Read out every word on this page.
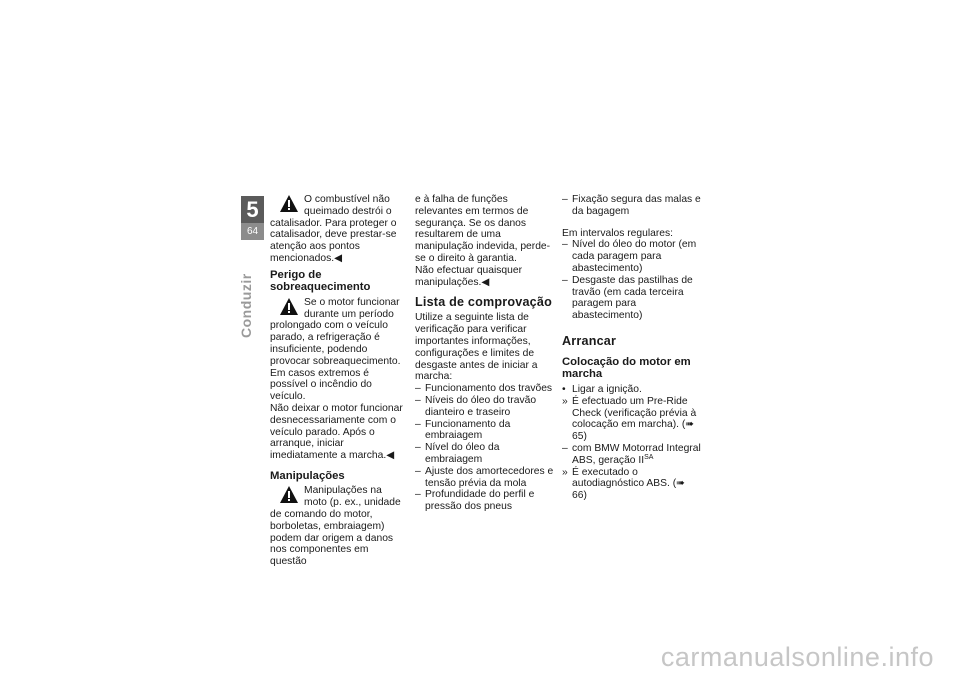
5
64
Conduzir

O combustível não queimado destrói o catalisador. Para proteger o catalisador, deve prestar-se atenção aos pontos mencionados.◀

Perigo de sobreaquecimento

Se o motor funcionar durante um período prolongado com o veículo parado, a refrigeração é insuficiente, podendo provocar sobreaquecimento. Em casos extremos é possível o incêndio do veículo.

Não deixar o motor funcionar desnecessariamente com o veículo parado. Após o arranque, iniciar imediatamente a marcha.◀

Manipulações

Manipulações na moto (p. ex., unidade de comando do motor, borboletas, embraiagem) podem dar origem a danos nos componentes em questão

e à falha de funções relevantes em termos de segurança. Se os danos resultarem de uma manipulação indevida, perde-se o direito à garantia.

Não efectuar quaisquer manipulações.◀

Lista de comprovação

Utilize a seguinte lista de verificação para verificar importantes informações, configurações e limites de desgaste antes de iniciar a marcha:

– Funcionamento dos travões
– Níveis do óleo do travão dianteiro e traseiro
– Funcionamento da embraiagem
– Nível do óleo da embraiagem
– Ajuste dos amortecedores e tensão prévia da mola
– Profundidade do perfil e pressão dos pneus
– Fixação segura das malas e da bagagem

Em intervalos regulares:

– Nível do óleo do motor (em cada paragem para abastecimento)
– Desgaste das pastilhas de travão (em cada terceira paragem para abastecimento)
Arrancar
Colocação do motor em marcha
• Ligar a ignição.
» É efectuado um Pre-Ride Check (verificação prévia à colocação em marcha). (➠ 65)
– com BMW Motorrad Integral ABS, geração $II^{SA}$
» É executado o autodiagnóstico ABS. (➠ 66)
carmanualsonline.info
